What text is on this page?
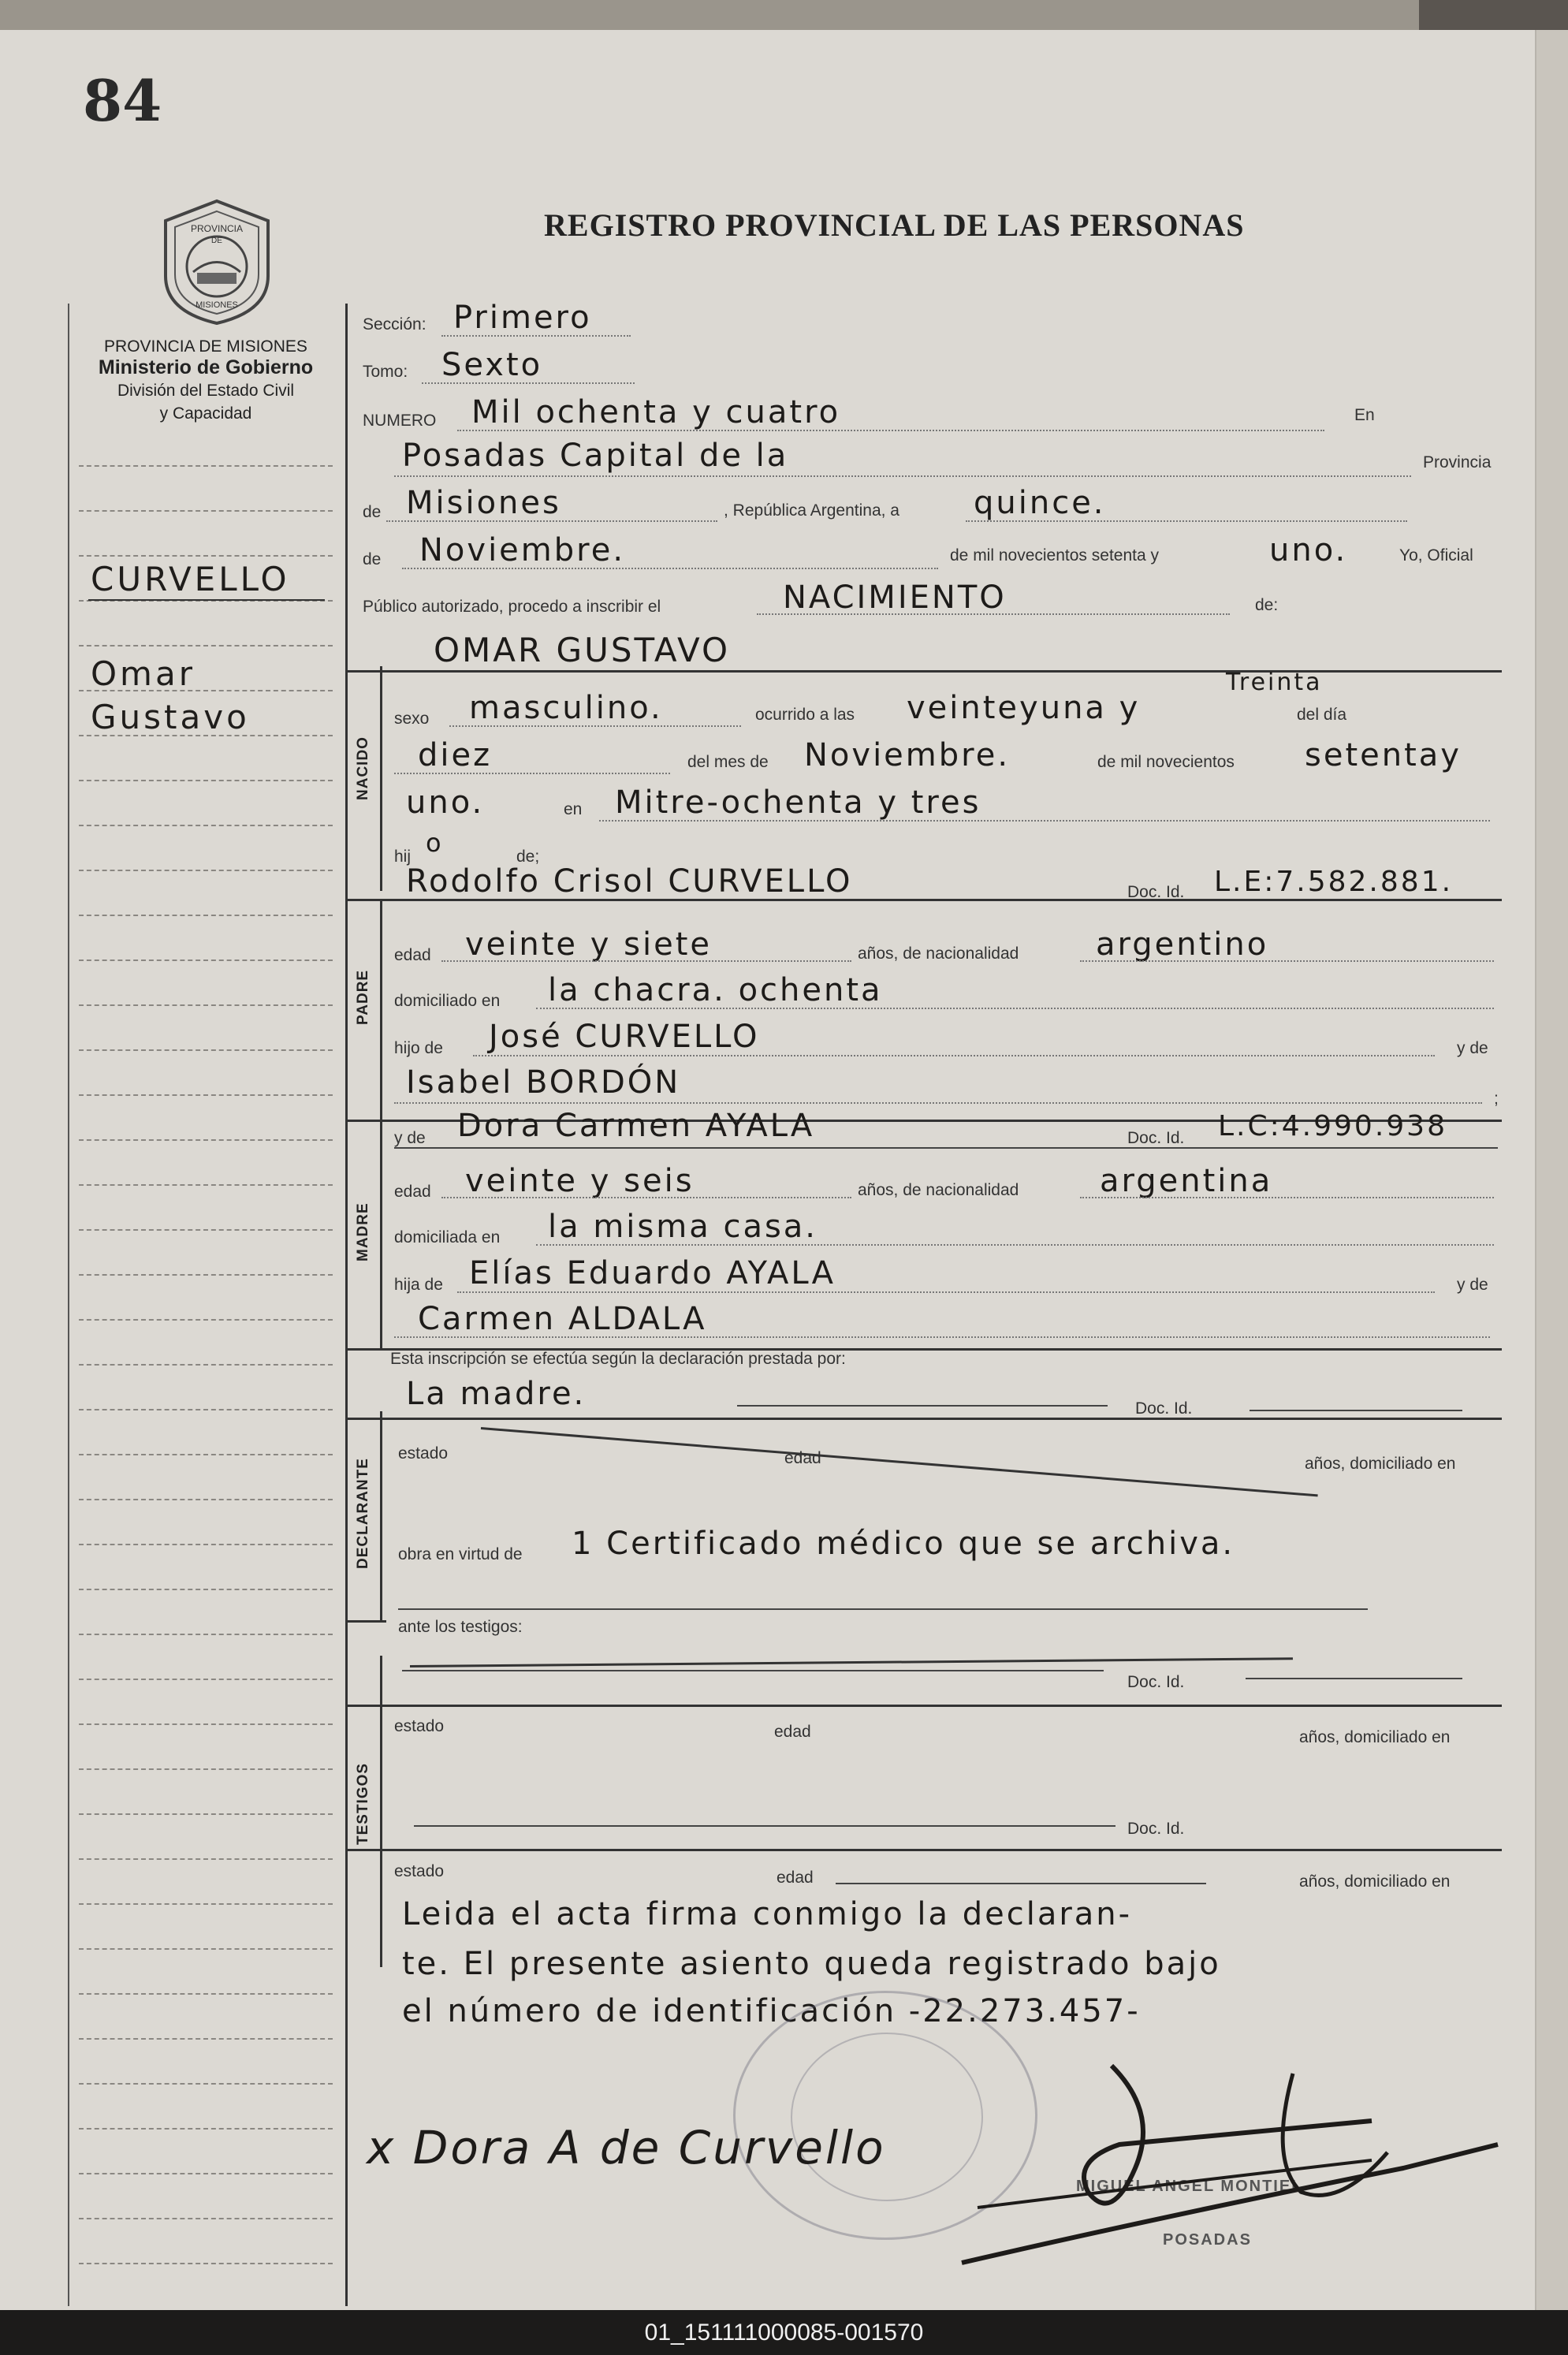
84
PROVINCIA
DE
MISIONES
REGISTRO PROVINCIAL DE LAS PERSONAS
PROVINCIA DE MISIONES
Ministerio de Gobierno
División del Estado Civil
y Capacidad
CURVELLO
Omar
Gustavo
Sección: Primero
Tomo: Sexto
NUMERO Mil ochenta y cuatro	En
Posadas Capital de la	Provincia
de Misiones	, República Argentina, a quince.
de Noviembre.	de mil novecientos setenta y	uno.	Yo, Oficial
Público autorizado, procedo a inscribir el	NACIMIENTO	de:
NACIDO
OMAR GUSTAVO
sexo masculino.	ocurrido a las veinteyuna y
Treinta
del día
diez	del mes de Noviembre.	de mil novecientos setentay
uno.	en Mitre-ochenta y tres
hij o	de;
PADRE
Rodolfo Crisol CURVELLO	Doc. Id. L.E:7.582.881.
edad veinte y siete	años, de nacionalidad argentino
domiciliado en la chacra. ochenta
hijo de José CURVELLO	y de
Isabel BORDÓN	;
MADRE
y de Dora Carmen AYALA	Doc. Id. L.C:4.990.938
edad veinte y seis	años, de nacionalidad	argentina
domiciliada en la misma casa.
hija de Elías Eduardo AYALA	y de
Carmen ALDALA
Esta inscripción se efectúa según la declaración prestada por:
DECLARANTE
La madre.	Doc. Id.
estado	edad	años, domiciliado en
obra en virtud de 1 Certificado médico que se archiva.
ante los testigos:
TESTIGOS
Doc. Id.
estado	edad	años, domiciliado en
Doc. Id.
estado	edad	años, domiciliado en
Leida el acta firma conmigo la declaran-
te. El presente asiento queda registrado bajo
el número de identificación -22.273.457-
MIGUEL ANGEL MONTIEL
POSADAS
x Dora A de Curvello
01_151111000085-001570
